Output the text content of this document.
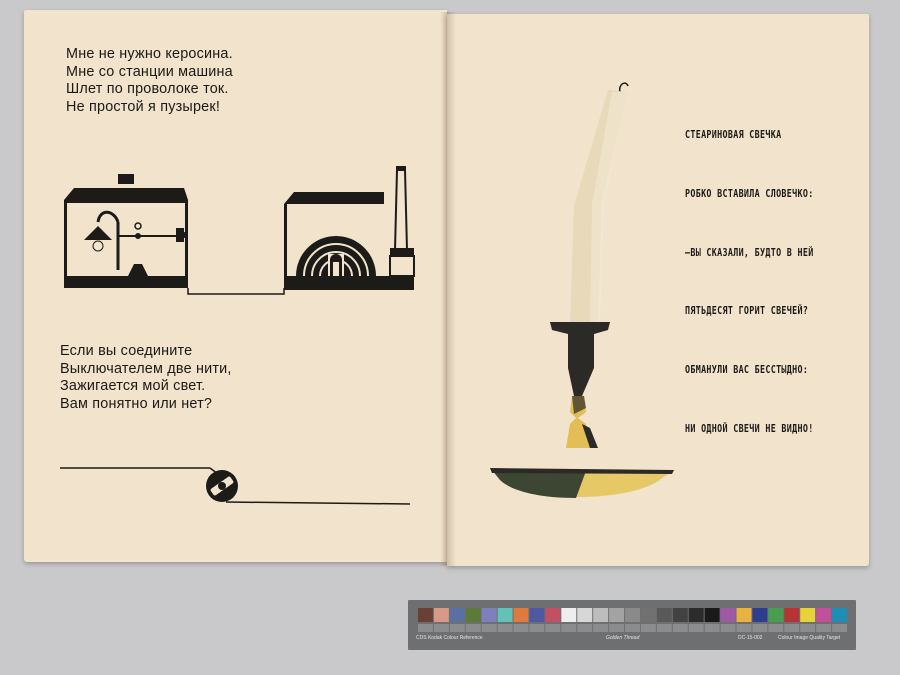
Мне не нужно керосина.
Мне со станции машина
Шлет по проволоке ток.
Не простой я пузырек!
Если вы соедините
Выключателем две нити,
Зажигается мой свет.
Вам понятно или нет?
СТЕАРИНОВАЯ СВЕЧКА
РОБКО ВСТАВИЛА СЛОВЕЧКО:
—ВЫ СКАЗАЛИ, БУДТО В НЕЙ
ПЯТЬДЕСЯТ ГОРИТ СВЕЧЕЙ?
ОБМАНУЛИ ВАС БЕССТЫДНО:
НИ ОДНОЙ СВЕЧИ НЕ ВИДНО!
CDS Kodak Colour Reference	Golden Thread	DC-15-002	Colour Image Quality Target
